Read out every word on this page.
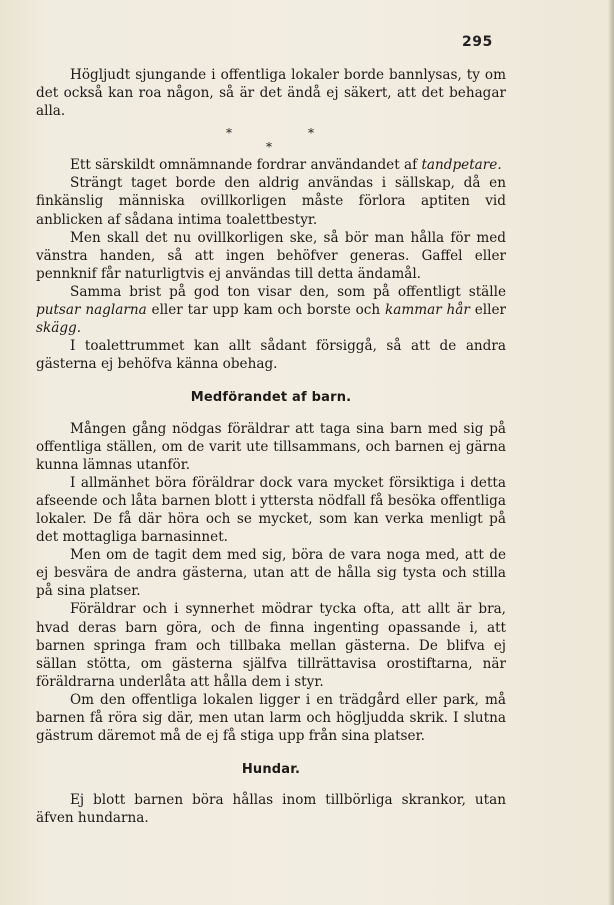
295

Högljudt sjungande i offentliga lokaler borde bannlysas, ty om det också kan roa någon, så är det ändå ej säkert, att det behagar alla.

*	*
*

Ett särskildt omnämnande fordrar användandet af tandpetare.

Strängt taget borde den aldrig användas i sällskap, då en finkänslig människa ovillkorligen måste förlora aptiten vid anblicken af sådana intima toalettbestyr.

Men skall det nu ovillkorligen ske, så bör man hålla för med vänstra handen, så att ingen behöfver generas. Gaffel eller pennknif får naturligtvis ej användas till detta ändamål.

Samma brist på god ton visar den, som på offentligt ställe putsar naglarna eller tar upp kam och borste och kammar hår eller skägg.

I toalettrummet kan allt sådant försiggå, så att de andra gästerna ej behöfva känna obehag.

Medförandet af barn.

Mången gång nödgas föräldrar att taga sina barn med sig på offentliga ställen, om de varit ute tillsammans, och barnen ej gärna kunna lämnas utanför.

I allmänhet böra föräldrar dock vara mycket försiktiga i detta afseende och låta barnen blott i yttersta nödfall få besöka offentliga lokaler. De få där höra och se mycket, som kan verka menligt på det mottagliga barnasinnet.

Men om de tagit dem med sig, böra de vara noga med, att de ej besvära de andra gästerna, utan att de hålla sig tysta och stilla på sina platser.

Föräldrar och i synnerhet mödrar tycka ofta, att allt är bra, hvad deras barn göra, och de finna ingenting opassande i, att barnen springa fram och tillbaka mellan gästerna. De blifva ej sällan stötta, om gästerna själfva tillrättavisa orostiftarna, när föräldrarna underlåta att hålla dem i styr.

Om den offentliga lokalen ligger i en trädgård eller park, må barnen få röra sig där, men utan larm och högljudda skrik. I slutna gästrum däremot må de ej få stiga upp från sina platser.

Hundar.

Ej blott barnen böra hållas inom tillbörliga skrankor, utan äfven hundarna.
